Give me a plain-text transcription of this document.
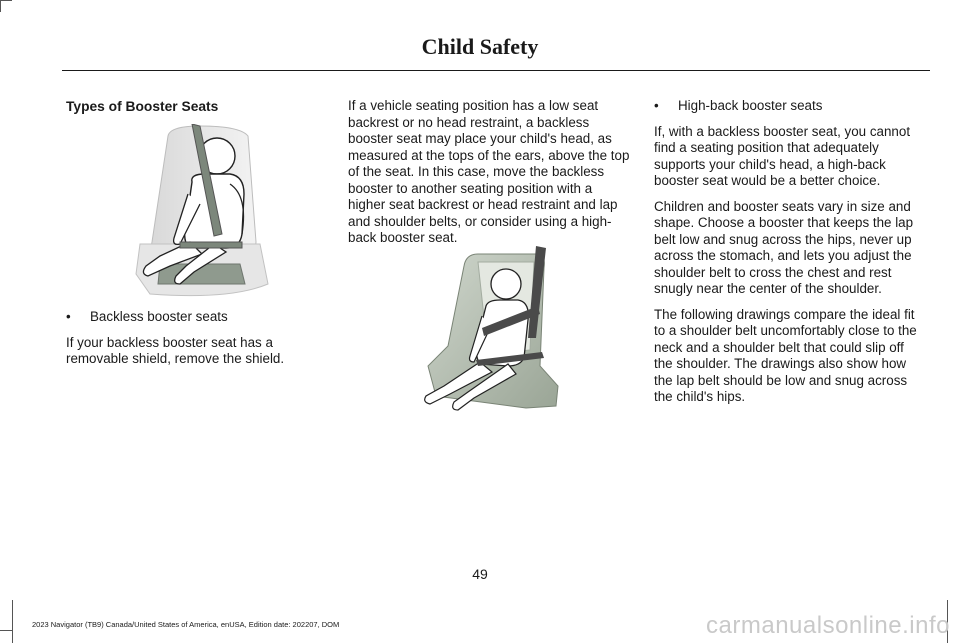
Child Safety
Types of Booster Seats
•	Backless booster seats

If your backless booster seat has a removable shield, remove the shield.

If a vehicle seating position has a low seat backrest or no head restraint, a backless booster seat may place your child's head, as measured at the tops of the ears, above the top of the seat. In this case, move the backless booster to another seating position with a higher seat backrest or head restraint and lap and shoulder belts, or consider using a high-back booster seat.

•	High-back booster seats

If, with a backless booster seat, you cannot find a seating position that adequately supports your child's head, a high-back booster seat would be a better choice.

Children and booster seats vary in size and shape. Choose a booster that keeps the lap belt low and snug across the hips, never up across the stomach, and lets you adjust the shoulder belt to cross the chest and rest snugly near the center of the shoulder.

The following drawings compare the ideal fit to a shoulder belt uncomfortably close to the neck and a shoulder belt that could slip off the shoulder. The drawings also show how the lap belt should be low and snug across the child's hips.

49
2023 Navigator (TB9) Canada/United States of America, enUSA, Edition date: 202207, DOM	carmanualsonline.info
